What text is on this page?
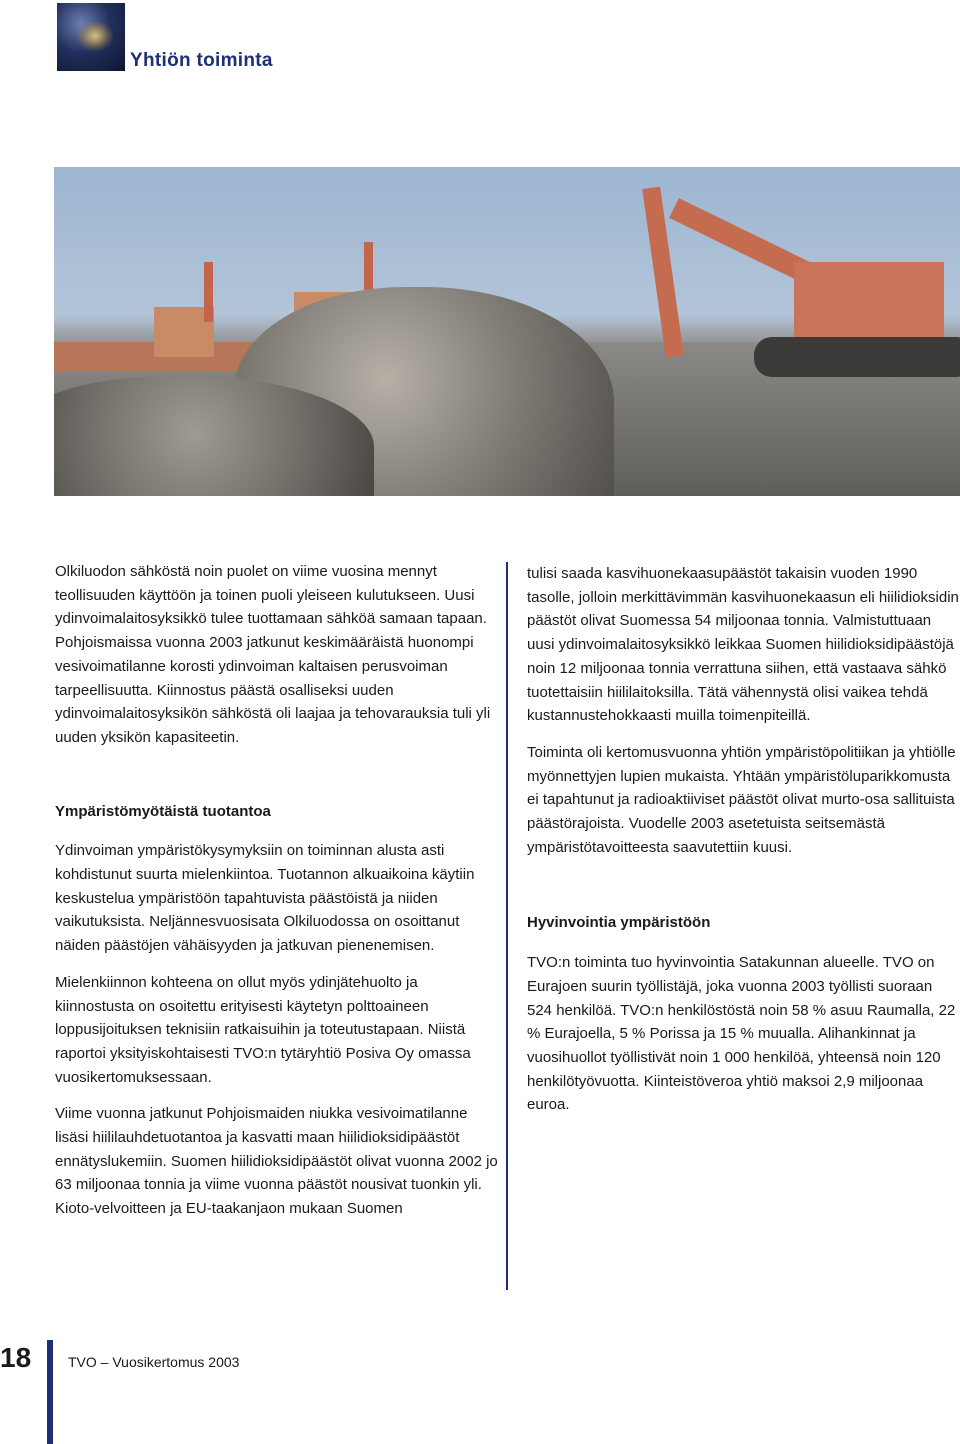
Yhtiön toiminta

Olkiluodon sähköstä noin puolet on viime vuosina mennyt teollisuuden käyttöön ja toinen puoli yleiseen kulutukseen. Uusi ydinvoimalaitosyksikkö tulee tuottamaan sähköä samaan tapaan. Pohjoismaissa vuonna 2003 jatkunut keskimääräistä huonompi vesivoimatilanne korosti ydinvoiman kaltaisen perusvoiman tarpeellisuutta. Kiinnostus päästä osalliseksi uuden ydinvoimalaitosyksikön sähköstä oli laajaa ja tehovarauksia tuli yli uuden yksikön kapasiteetin.

Ympäristömyötäistä tuotantoa

Ydinvoiman ympäristökysymyksiin on toiminnan alusta asti kohdistunut suurta mielenkiintoa. Tuotannon alkuaikoina käytiin keskustelua ympäristöön tapahtuvista päästöistä ja niiden vaikutuksista. Neljännesvuosisata Olkiluodossa on osoittanut näiden päästöjen vähäisyyden ja jatkuvan pienenemisen.

Mielenkiinnon kohteena on ollut myös ydinjätehuolto ja kiinnostusta on osoitettu erityisesti käytetyn polttoaineen loppusijoituksen teknisiin ratkaisuihin ja toteutustapaan. Niistä raportoi yksityiskohtaisesti TVO:n tytäryhtiö Posiva Oy omassa vuosikertomuksessaan.

Viime vuonna jatkunut Pohjoismaiden niukka vesivoimatilanne lisäsi hiililauhdetuotantoa ja kasvatti maan hiilidioksidipäästöt ennätyslukemiin. Suomen hiilidioksidipäästöt olivat vuonna 2002 jo 63 miljoonaa tonnia ja viime vuonna päästöt nousivat tuonkin yli. Kioto-velvoitteen ja EU-taakanjaon mukaan Suomen

tulisi saada kasvihuonekaasupäästöt takaisin vuoden 1990 tasolle, jolloin merkittävimmän kasvihuonekaasun eli hiilidioksidin päästöt olivat Suomessa 54 miljoonaa tonnia. Valmistuttuaan uusi ydinvoimalaitosyksikkö leikkaa Suomen hiilidioksidipäästöjä noin 12 miljoonaa tonnia verrattuna siihen, että vastaava sähkö tuotettaisiin hiililaitoksilla. Tätä vähennystä olisi vaikea tehdä kustannustehokkaasti muilla toimenpiteillä.

Toiminta oli kertomusvuonna yhtiön ympäristöpolitiikan ja yhtiölle myönnettyjen lupien mukaista. Yhtään ympäristöluparikkomusta ei tapahtunut ja radioaktiiviset päästöt olivat murto-osa sallituista päästörajoista. Vuodelle 2003 asetetuista seitsemästä ympäristötavoitteesta saavutettiin kuusi.

Hyvinvointia ympäristöön

TVO:n toiminta tuo hyvinvointia Satakunnan alueelle. TVO on Eurajoen suurin työllistäjä, joka vuonna 2003 työllisti suoraan 524 henkilöä. TVO:n henkilöstöstä noin 58 % asuu Raumalla, 22 % Eurajoella, 5 % Porissa ja 15 % muualla. Alihankinnat ja vuosihuollot työllistivät noin 1 000 henkilöä, yhteensä noin 120 henkilötyövuotta. Kiinteistöveroa yhtiö maksoi 2,9 miljoonaa euroa.

18	TVO – Vuosikertomus 2003
